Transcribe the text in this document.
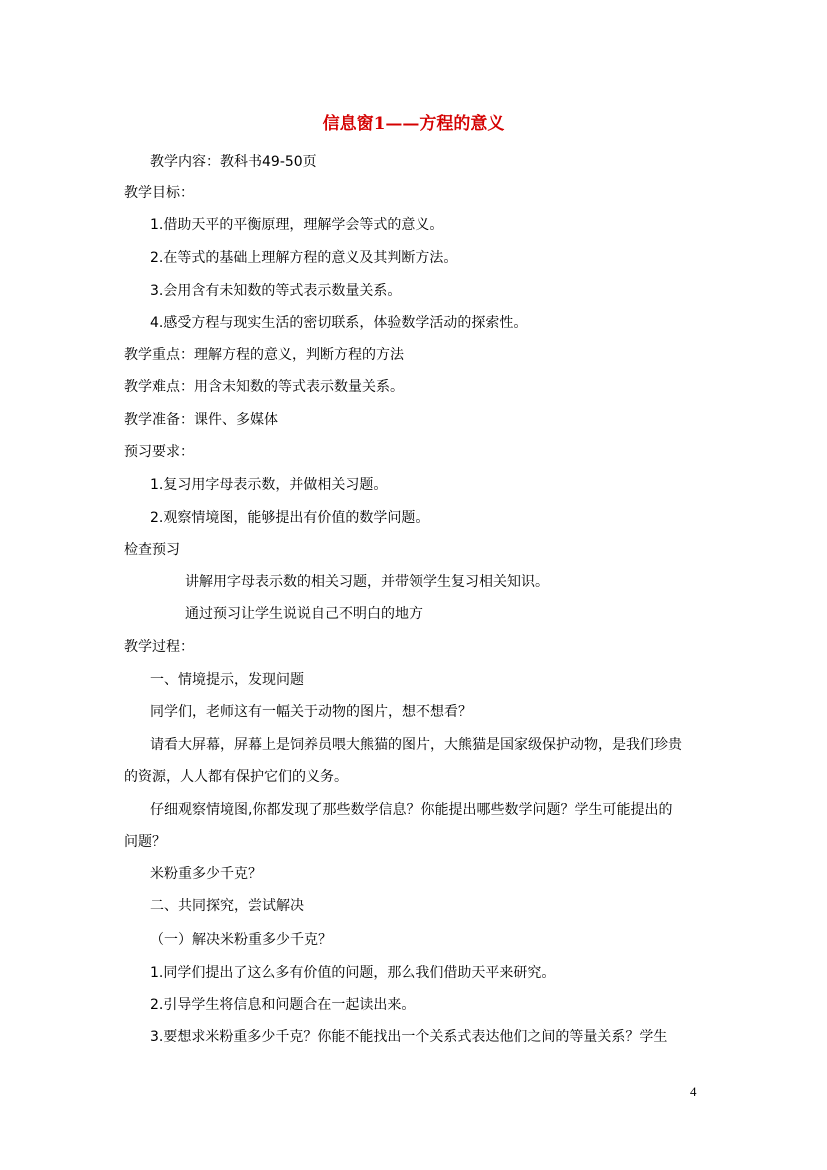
信息窗1——方程的意义
教学内容：教科书49-50页
教学目标：
1.借助天平的平衡原理，理解学会等式的意义。
2.在等式的基础上理解方程的意义及其判断方法。
3.会用含有未知数的等式表示数量关系。
4.感受方程与现实生活的密切联系，体验数学活动的探索性。
教学重点：理解方程的意义，判断方程的方法
教学难点：用含未知数的等式表示数量关系。
教学准备：课件、多媒体
预习要求：
1.复习用字母表示数，并做相关习题。
2.观察情境图，能够提出有价值的数学问题。
检查预习
讲解用字母表示数的相关习题，并带领学生复习相关知识。
通过预习让学生说说自己不明白的地方
教学过程：
一、情境提示，发现问题
同学们，老师这有一幅关于动物的图片，想不想看？
请看大屏幕，屏幕上是饲养员喂大熊猫的图片，大熊猫是国家级保护动物，是我们珍贵
的资源，人人都有保护它们的义务。
仔细观察情境图,你都发现了那些数学信息？你能提出哪些数学问题？学生可能提出的
问题？
米粉重多少千克？
二、共同探究，尝试解决
（一）解决米粉重多少千克？
1.同学们提出了这么多有价值的问题，那么我们借助天平来研究。
2.引导学生将信息和问题合在一起读出来。
3.要想求米粉重多少千克？你能不能找出一个关系式表达他们之间的等量关系？学生
4
